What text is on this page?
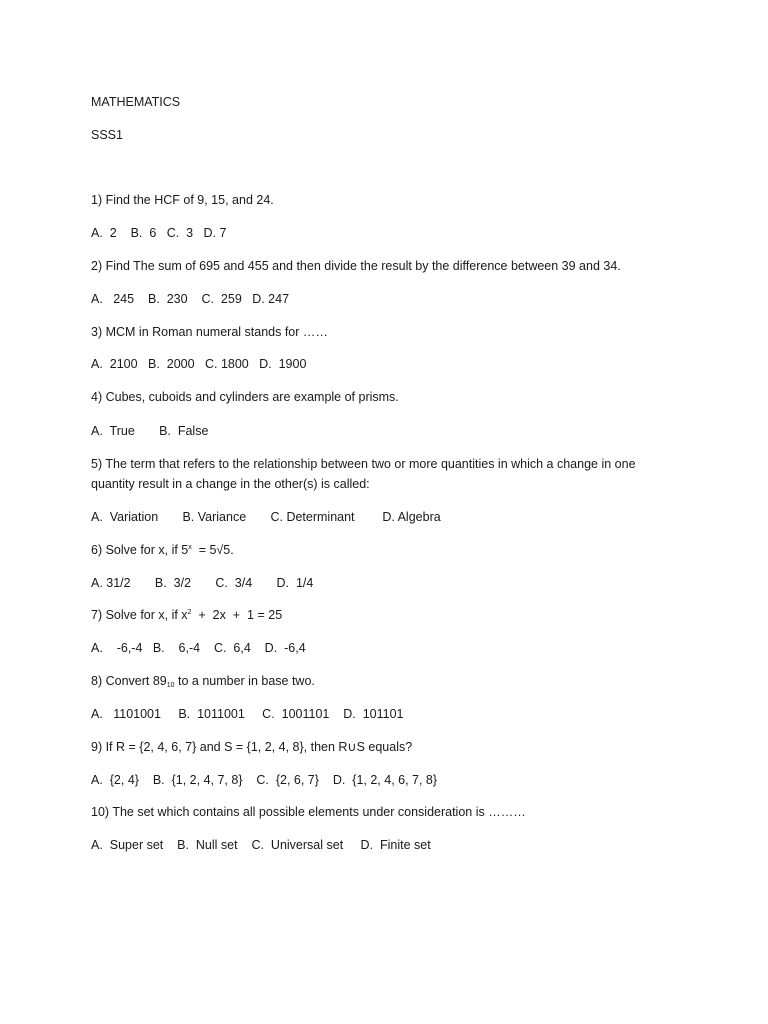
MATHEMATICS
SSS1
1) Find the HCF of 9, 15, and 24.
A.  2    B.  6   C.  3   D. 7
2) Find The sum of 695 and 455 and then divide the result by the difference between 39 and 34.
A.   245    B.  230    C.  259   D. 247
3) MCM in Roman numeral stands for ……
A.  2100   B.  2000   C. 1800   D.  1900
4) Cubes, cuboids and cylinders are example of prisms.
A.  True       B.  False
5) The term that refers to the relationship between two or more quantities in which a change in one quantity result in a change in the other(s) is called:
A.  Variation       B. Variance       C. Determinant        D. Algebra
6) Solve for x, if 5$^x$  = 5√5.
A. 31/2       B.  3/2       C.  3/4       D.  1/4
7) Solve for x, if $x^2 + 2x + 1 = 25$
A.    -6,-4   B.    6,-4    C.  6,4    D.  -6,4
8) Convert $89_{10}$ to a number in base two.
A.   1101001     B.  1011001     C.  1001101    D.  101101
9) If R = {2, 4, 6, 7} and S = {1, 2, 4, 8}, then R∪S equals?
A.  {2, 4}    B.  {1, 2, 4, 7, 8}    C.  {2, 6, 7}    D.  {1, 2, 4, 6, 7, 8}
10) The set which contains all possible elements under consideration is ………
A.  Super set    B.  Null set    C.  Universal set     D.  Finite set
